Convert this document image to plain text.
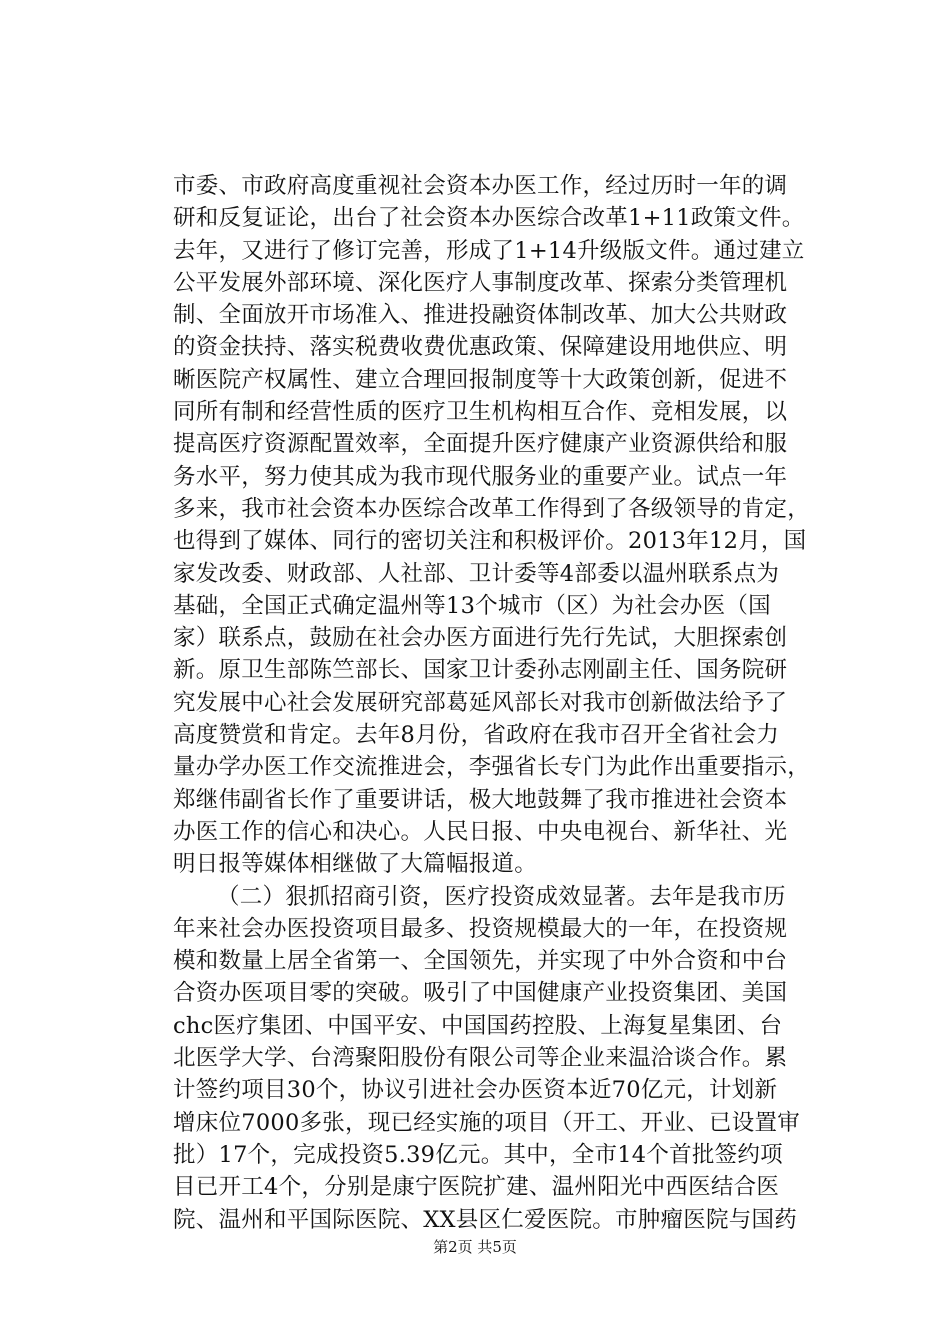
市委、市政府高度重视社会资本办医工作，经过历时一年的调
研和反复证论，出台了社会资本办医综合改革1+11政策文件。
去年，又进行了修订完善，形成了1+14升级版文件。通过建立
公平发展外部环境、深化医疗人事制度改革、探索分类管理机
制、全面放开市场准入、推进投融资体制改革、加大公共财政
的资金扶持、落实税费收费优惠政策、保障建设用地供应、明
晰医院产权属性、建立合理回报制度等十大政策创新，促进不
同所有制和经营性质的医疗卫生机构相互合作、竞相发展，以
提高医疗资源配置效率，全面提升医疗健康产业资源供给和服
务水平，努力使其成为我市现代服务业的重要产业。试点一年
多来，我市社会资本办医综合改革工作得到了各级领导的肯定，
也得到了媒体、同行的密切关注和积极评价。2013年12月，国
家发改委、财政部、人社部、卫计委等4部委以温州联系点为
基础，全国正式确定温州等13个城市（区）为社会办医（国
家）联系点，鼓励在社会办医方面进行先行先试，大胆探索创
新。原卫生部陈竺部长、国家卫计委孙志刚副主任、国务院研
究发展中心社会发展研究部葛延风部长对我市创新做法给予了
高度赞赏和肯定。去年8月份，省政府在我市召开全省社会力
量办学办医工作交流推进会，李强省长专门为此作出重要指示，
郑继伟副省长作了重要讲话，极大地鼓舞了我市推进社会资本
办医工作的信心和决心。人民日报、中央电视台、新华社、光
明日报等媒体相继做了大篇幅报道。
（二）狠抓招商引资，医疗投资成效显著。去年是我市历
年来社会办医投资项目最多、投资规模最大的一年，在投资规
模和数量上居全省第一、全国领先，并实现了中外合资和中台
合资办医项目零的突破。吸引了中国健康产业投资集团、美国
chc医疗集团、中国平安、中国国药控股、上海复星集团、台
北医学大学、台湾聚阳股份有限公司等企业来温洽谈合作。累
计签约项目30个，协议引进社会办医资本近70亿元，计划新
增床位7000多张，现已经实施的项目（开工、开业、已设置审
批）17个，完成投资5.39亿元。其中，全市14个首批签约项
目已开工4个，分别是康宁医院扩建、温州阳光中西医结合医
院、温州和平国际医院、XX县区仁爱医院。市肿瘤医院与国药
第2页 共5页
